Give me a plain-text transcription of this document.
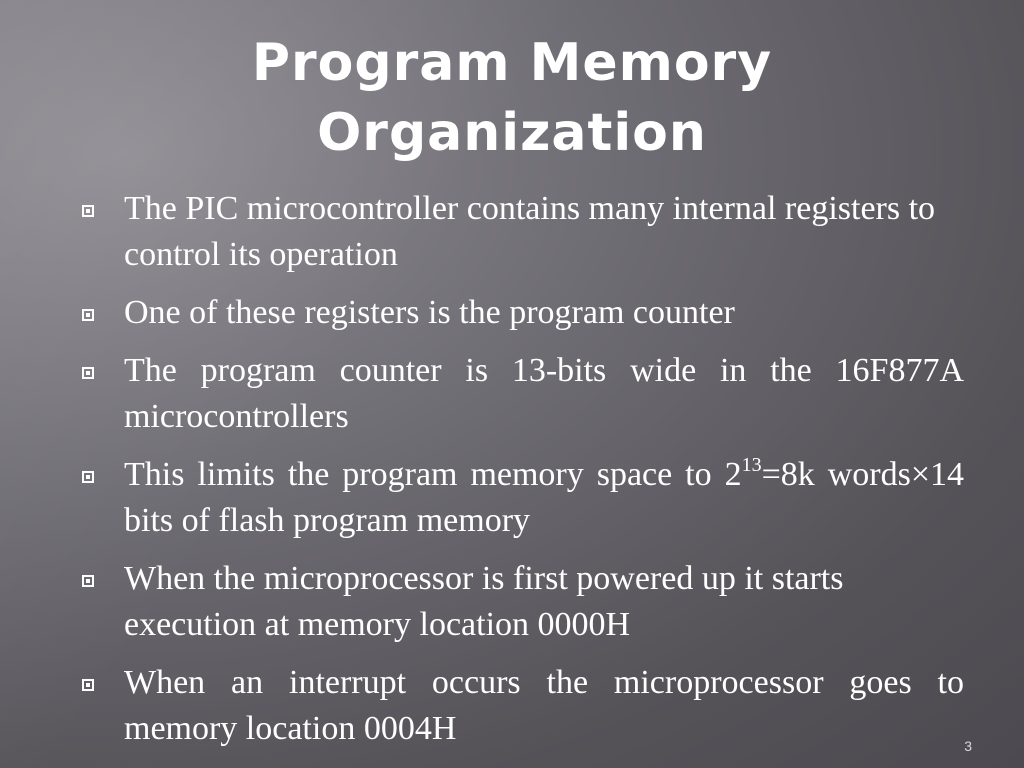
Program Memory
Organization
The PIC microcontroller contains many internal registers to control its operation
One of these registers is the program counter
The program counter is 13-bits wide in the 16F877A microcontrollers
This limits the program memory space to $2^{13}=8k$ words×14 bits of flash program memory
When the microprocessor is first powered up it starts execution at memory location 0000H
When an interrupt occurs the microprocessor goes to memory location 0004H	3
